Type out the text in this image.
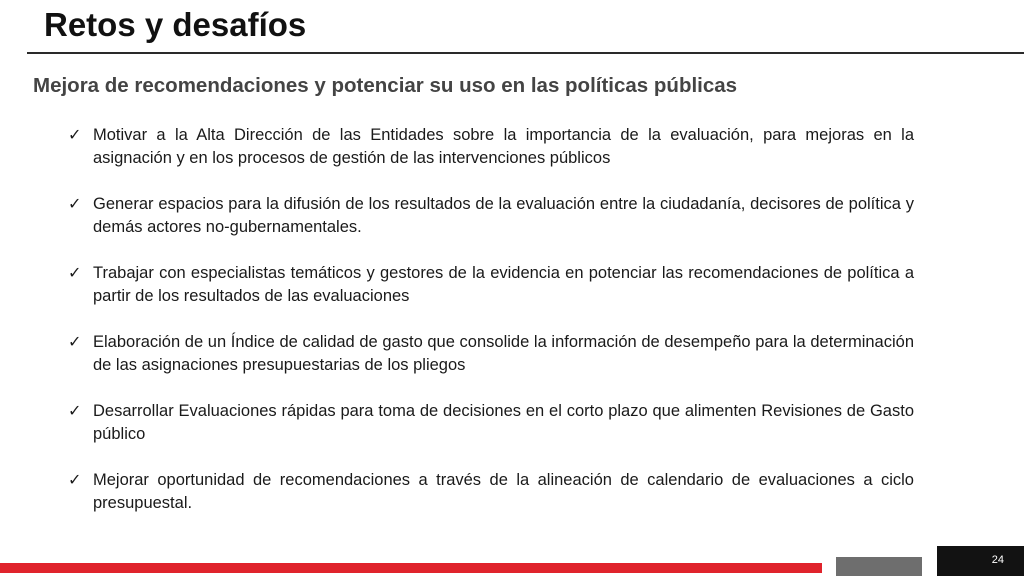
Retos y desafíos
Mejora de recomendaciones y potenciar su uso en las políticas públicas
✓ Motivar a la Alta Dirección de las Entidades sobre la importancia de la evaluación, para mejoras en la asignación y en los procesos de gestión de las intervenciones públicos
✓ Generar espacios para la difusión de los resultados de la evaluación entre la ciudadanía, decisores de política y demás actores no-gubernamentales.
✓ Trabajar con especialistas temáticos y gestores de la evidencia en potenciar las recomendaciones de política a partir de los resultados de las evaluaciones
✓ Elaboración de un Índice de calidad de gasto que consolide la información de desempeño para la determinación de las asignaciones presupuestarias de los pliegos
✓ Desarrollar Evaluaciones rápidas para toma de decisiones en el corto plazo que alimenten Revisiones de Gasto público
✓ Mejorar oportunidad de recomendaciones a través de la alineación de calendario de evaluaciones a ciclo presupuestal.
24
